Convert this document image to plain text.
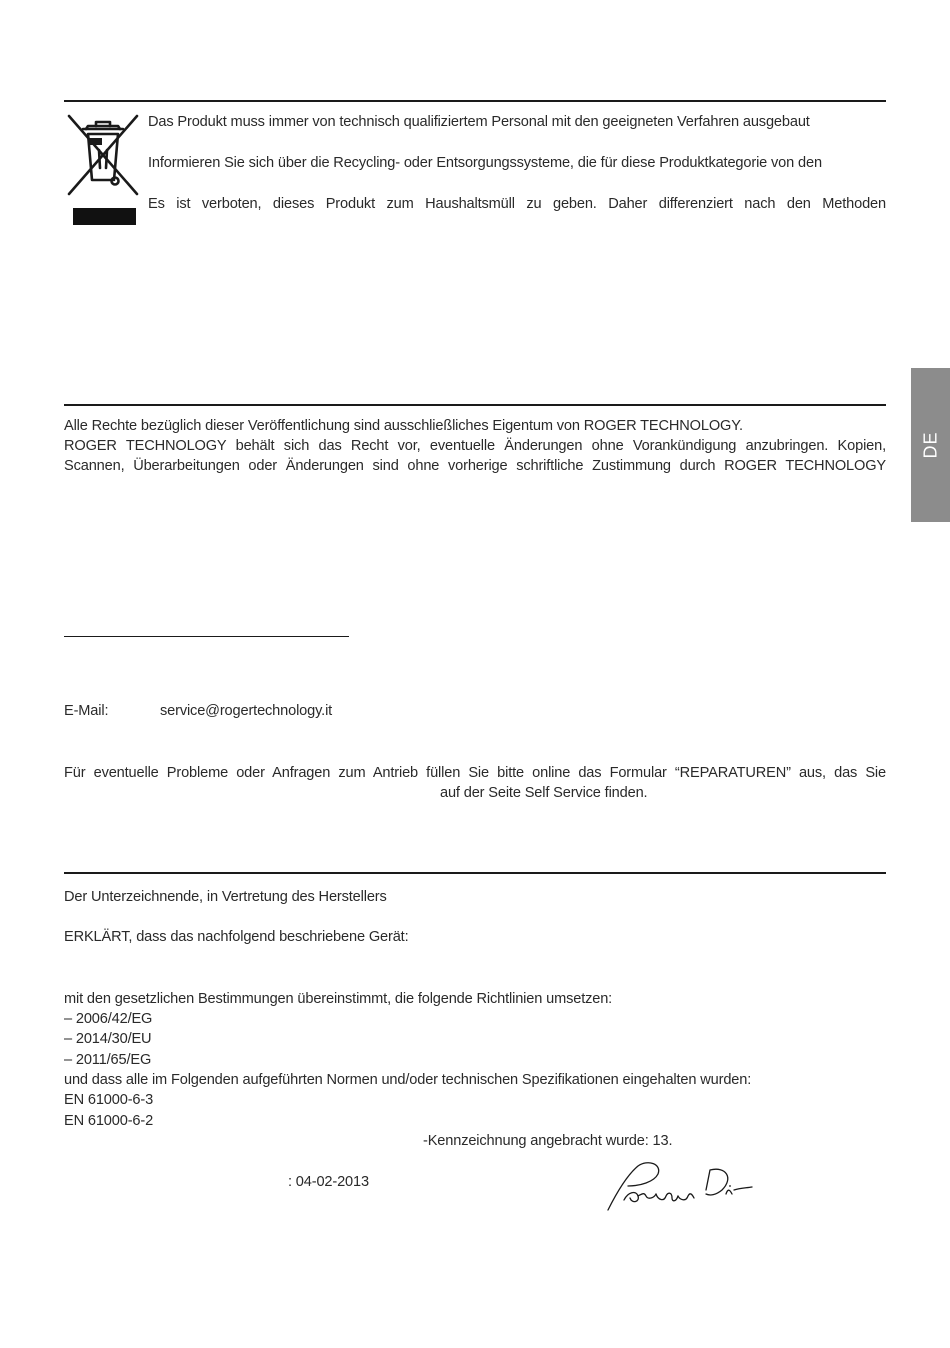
Das Produkt muss immer von technisch qualifiziertem Personal mit den geeigneten Verfahren ausgebaut
Informieren Sie sich über die Recycling- oder Entsorgungssysteme, die für diese Produktkategorie von den
Es ist verboten, dieses Produkt zum Haushaltsmüll zu geben. Daher differenziert nach den Methoden
Alle Rechte bezüglich dieser Veröffentlichung sind ausschließliches Eigentum von ROGER TECHNOLOGY.
ROGER TECHNOLOGY behält sich das Recht vor, eventuelle Änderungen ohne Vorankündigung anzubringen. Kopien,
Scannen, Überarbeitungen oder Änderungen sind ohne vorherige schriftliche Zustimmung durch ROGER TECHNOLOGY
E-Mail:	service@rogertechnology.it
Für eventuelle Probleme oder Anfragen zum Antrieb füllen Sie bitte online das Formular “REPARATUREN” aus, das Sie
auf der Seite Self Service finden.
Der Unterzeichnende, in Vertretung des Herstellers
ERKLÄRT, dass das nachfolgend beschriebene Gerät:
mit den gesetzlichen Bestimmungen übereinstimmt, die folgende Richtlinien umsetzen:
– 2006/42/EG
– 2014/30/EU
– 2011/65/EG
und dass alle im Folgenden aufgeführten Normen und/oder technischen Spezifikationen eingehalten wurden:
EN 61000-6-3
EN 61000-6-2
-Kennzeichnung angebracht wurde: 13.
: 04-02-2013
DE
